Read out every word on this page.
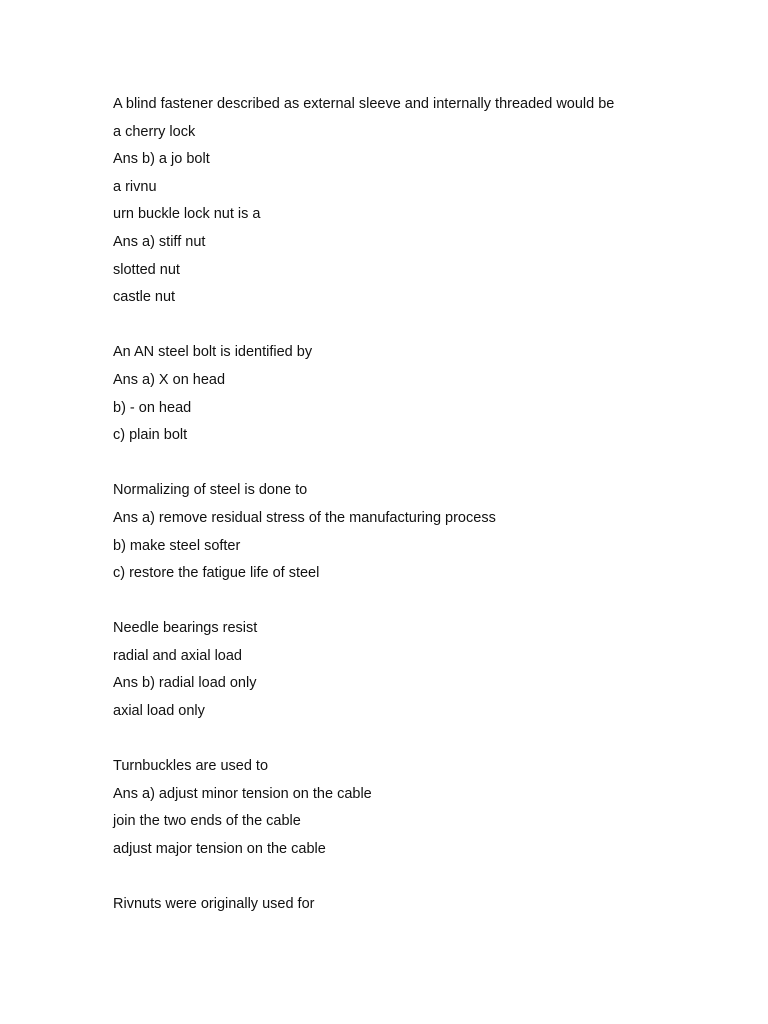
A blind fastener described as external sleeve and internally threaded would be

a cherry lock

Ans b) a jo bolt

a rivnu

urn buckle lock nut is a

Ans a) stiff nut

slotted nut

castle nut

An AN steel bolt is identified by

Ans a) X on head

b) - on head

c) plain bolt

Normalizing of steel is done to

Ans a) remove residual stress of the manufacturing process

b) make steel softer

c) restore the fatigue life of steel

Needle bearings resist

radial and axial load

Ans b) radial load only

axial load only

Turnbuckles are used to

Ans a) adjust minor tension on the cable

join the two ends of the cable

adjust major tension on the cable

Rivnuts were originally used for
